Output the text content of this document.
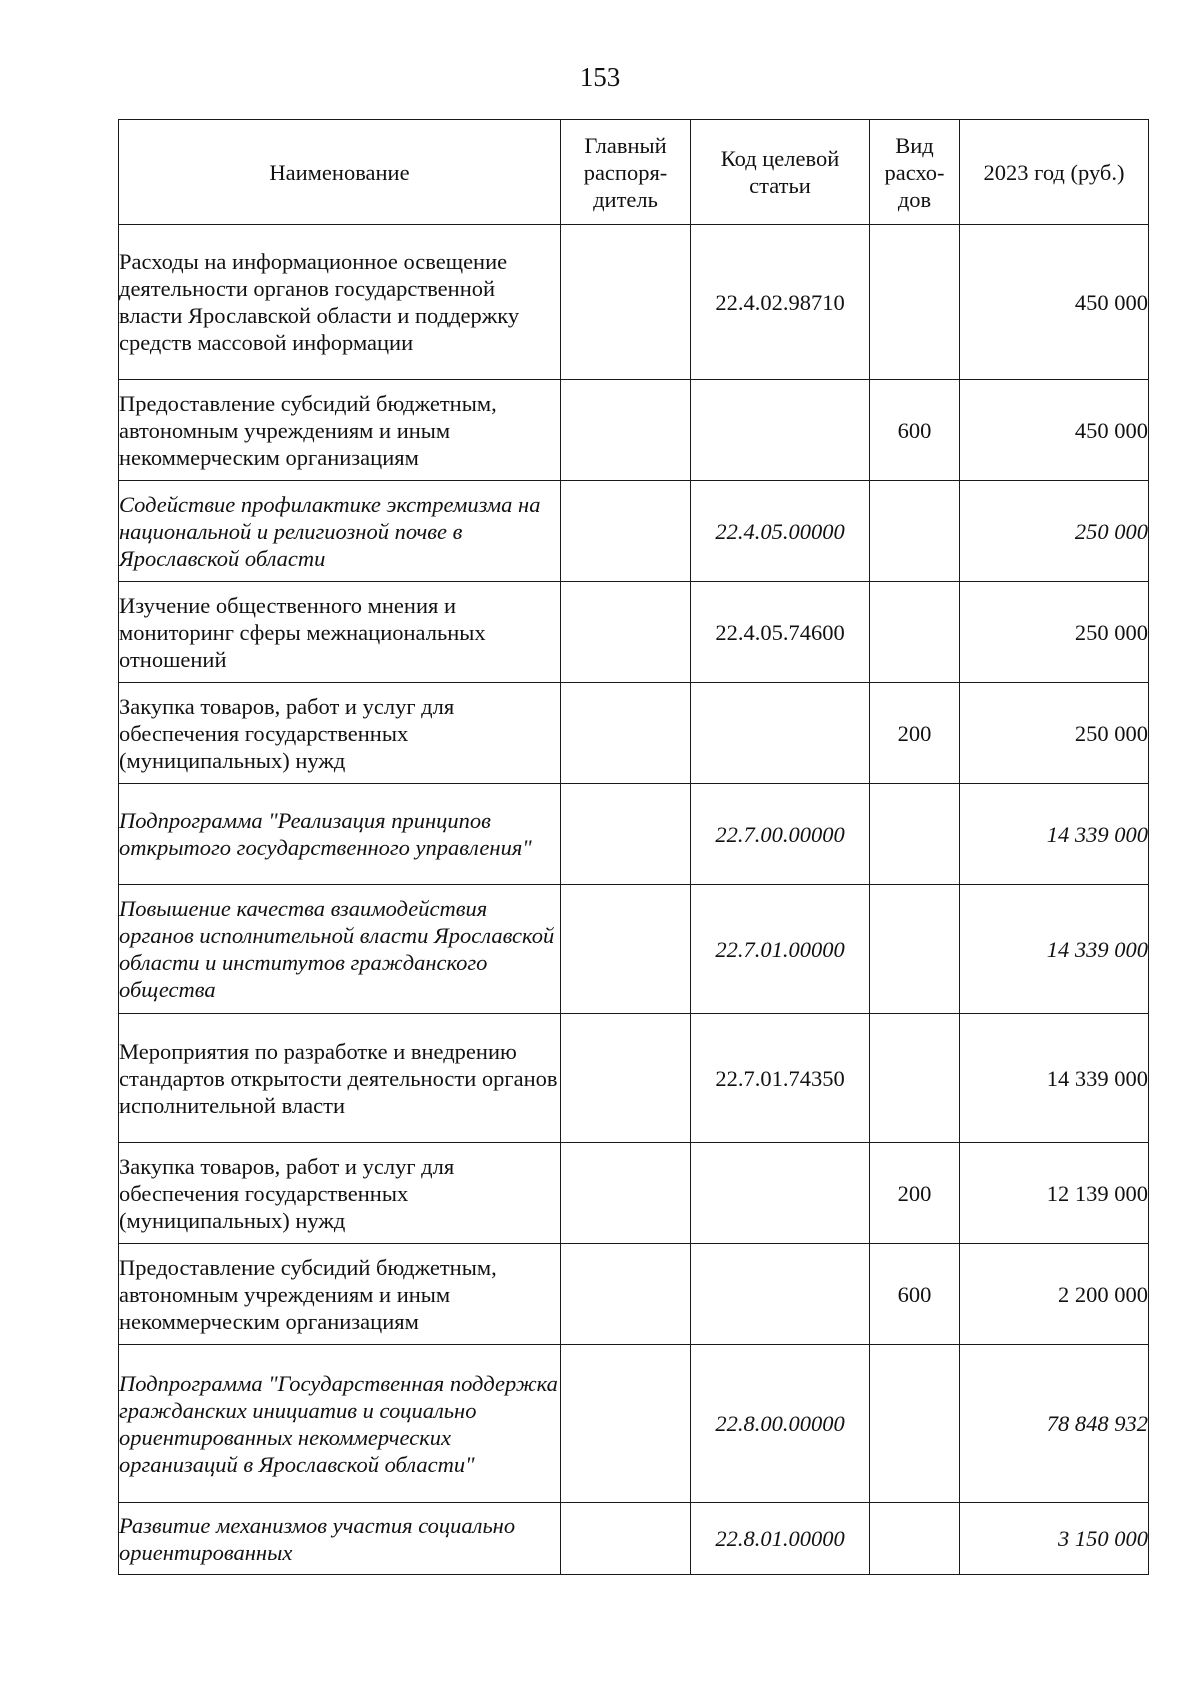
153
Наименование	Главный распоря-дитель	Код целевой статьи	Вид расхо-дов	2023 год (руб.)
Расходы на информационное освещение деятельности органов государственной власти Ярославской области и поддержку средств массовой информации		22.4.02.98710		450 000
Предоставление субсидий бюджетным, автономным учреждениям и иным некоммерческим организациям			600	450 000
Содействие профилактике экстремизма на национальной и религиозной почве в Ярославской области		22.4.05.00000		250 000
Изучение общественного мнения и мониторинг сферы межнациональных отношений		22.4.05.74600		250 000
Закупка товаров, работ и услуг для обеспечения государственных (муниципальных) нужд			200	250 000
Подпрограмма "Реализация принципов открытого государственного управления"		22.7.00.00000		14 339 000
Повышение качества взаимодействия органов исполнительной власти Ярославской области и институтов гражданского общества		22.7.01.00000		14 339 000
Мероприятия по разработке и внедрению стандартов открытости деятельности органов исполнительной власти		22.7.01.74350		14 339 000
Закупка товаров, работ и услуг для обеспечения государственных (муниципальных) нужд			200	12 139 000
Предоставление субсидий бюджетным, автономным учреждениям и иным некоммерческим организациям			600	2 200 000
Подпрограмма "Государственная поддержка гражданских инициатив и социально ориентированных некоммерческих организаций в Ярославской области"		22.8.00.00000		78 848 932
Развитие механизмов участия социально ориентированных		22.8.01.00000		3 150 000
